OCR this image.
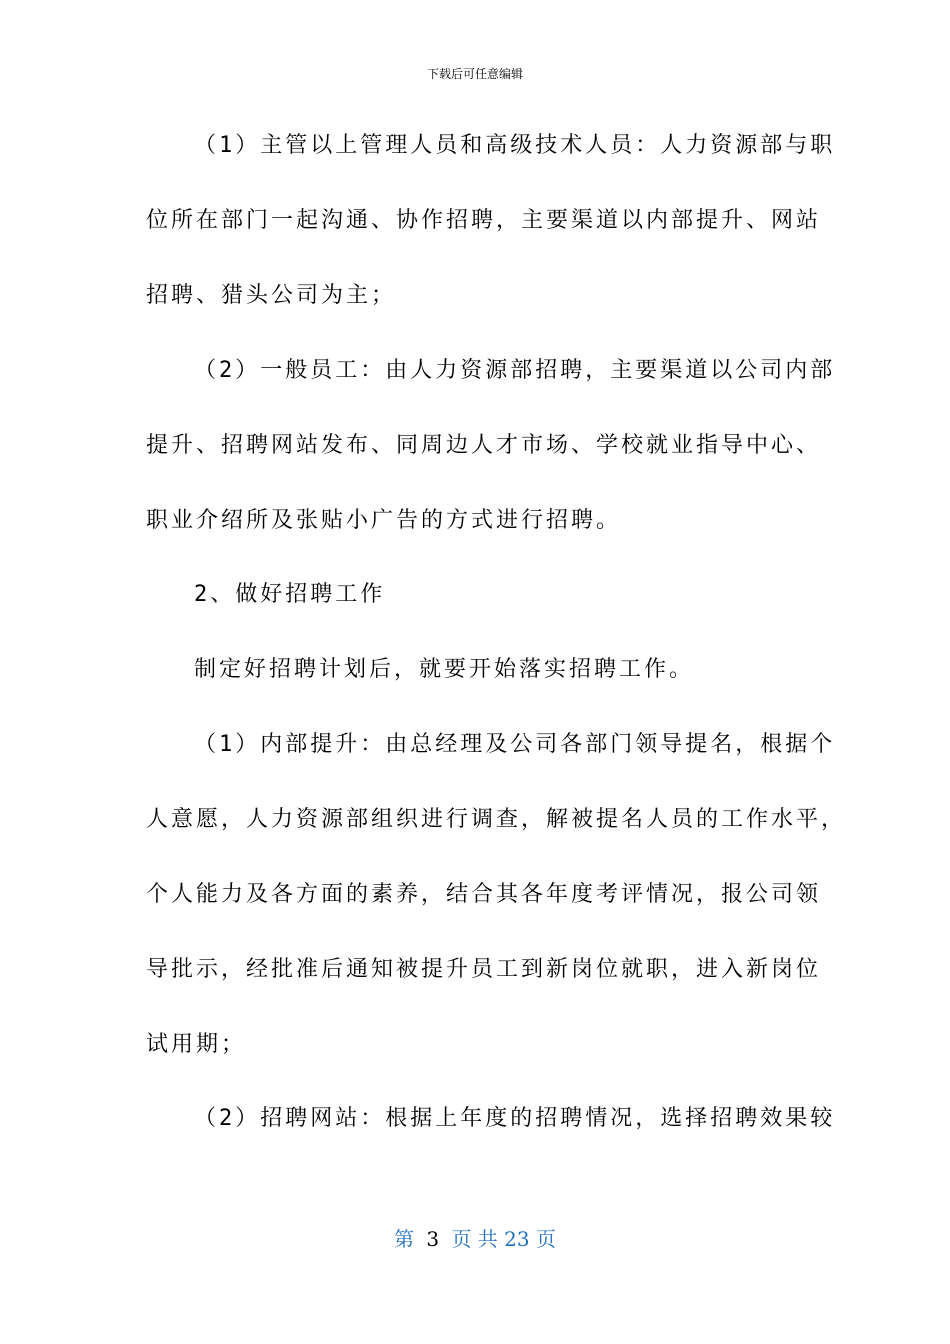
下载后可任意编辑
（1）主管以上管理人员和高级技术人员：人力资源部与职
位所在部门一起沟通、协作招聘，主要渠道以内部提升、网站
招聘、猎头公司为主；
（2）一般员工：由人力资源部招聘，主要渠道以公司内部
提升、招聘网站发布、同周边人才市场、学校就业指导中心、
职业介绍所及张贴小广告的方式进行招聘。
2、做好招聘工作
制定好招聘计划后，就要开始落实招聘工作。
（1）内部提升：由总经理及公司各部门领导提名，根据个
人意愿，人力资源部组织进行调查，解被提名人员的工作水平，
个人能力及各方面的素养，结合其各年度考评情况，报公司领
导批示，经批准后通知被提升员工到新岗位就职，进入新岗位
试用期；
（2）招聘网站：根据上年度的招聘情况，选择招聘效果较
第 3 页 共 23 页
